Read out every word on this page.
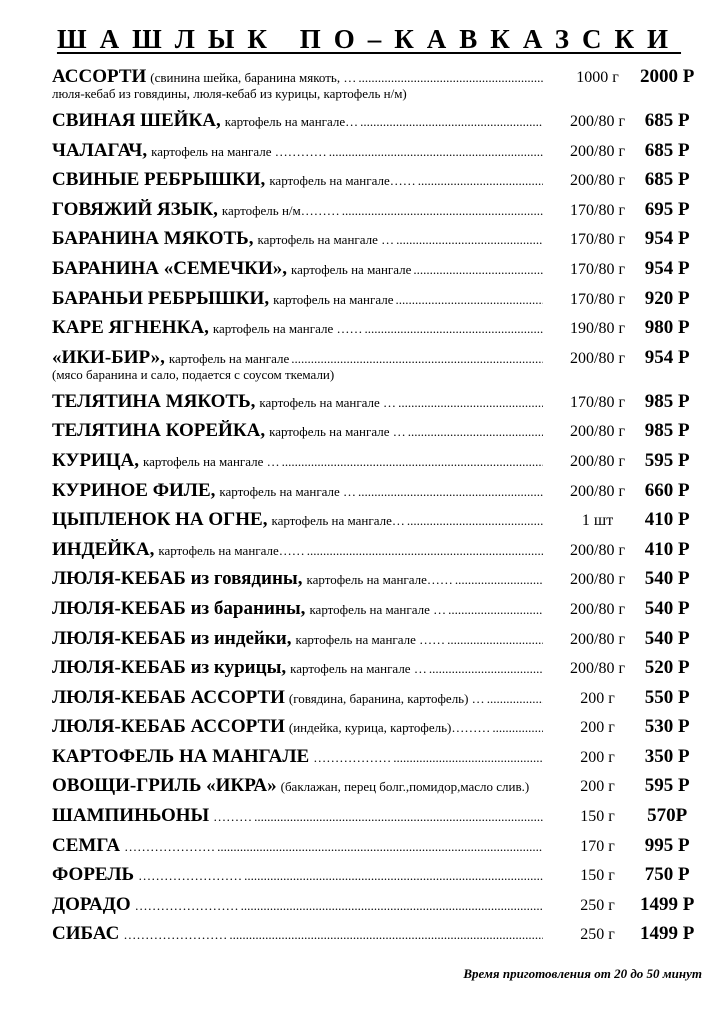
ШАШЛЫК ПО–КАВКАЗСКИ
АССОРТИ (свинина шейка, баранина мякоть, … .....	1000 г	2000 Р
люля-кебаб из говядины, люля-кебаб из курицы, картофель н/м)
СВИНАЯ ШЕЙКА, картофель на мангале… .....	200/80 г	685 Р
ЧАЛАГАЧ, картофель на мангале ………… .....	200/80 г	685 Р
СВИНЫЕ РЕБРЫШКИ, картофель на мангале…… .....	200/80 г	685 Р
ГОВЯЖИЙ ЯЗЫК, картофель н/м……… .....	170/80 г	695 Р
БАРАНИНА МЯКОТЬ, картофель на мангале … .....	170/80 г	954 Р
БАРАНИНА «СЕМЕЧКИ», картофель на мангале .....	170/80 г	954 Р
БАРАНЬИ РЕБРЫШКИ, картофель на мангале .....	170/80 г	920 Р
КАРЕ ЯГНЕНКА, картофель на мангале …… .....	190/80 г	980 Р
«ИКИ-БИР», картофель на мангале .....	200/80 г	954 Р
(мясо баранина и сало, подается с соусом ткемали)
ТЕЛЯТИНА МЯКОТЬ, картофель на мангале … .....	170/80 г	985 Р
ТЕЛЯТИНА КОРЕЙКА, картофель на мангале … .....	200/80 г	985 Р
КУРИЦА, картофель на мангале … .....	200/80 г	595 Р
КУРИНОЕ ФИЛЕ, картофель на мангале … .....	200/80 г	660 Р
ЦЫПЛЕНОК НА ОГНЕ, картофель на мангале… .....	1 шт	410 Р
ИНДЕЙКА, картофель на мангале…… .....	200/80 г	410 Р
ЛЮЛЯ-КЕБАБ из говядины, картофель на мангале…… .....	200/80 г	540 Р
ЛЮЛЯ-КЕБАБ из баранины, картофель на мангале … .....	200/80 г	540 Р
ЛЮЛЯ-КЕБАБ из индейки, картофель на мангале …… .....	200/80 г	540 Р
ЛЮЛЯ-КЕБАБ из курицы, картофель на мангале … .....	200/80 г	520 Р
ЛЮЛЯ-КЕБАБ АССОРТИ (говядина, баранина, картофель) … .....	200 г	550 Р
ЛЮЛЯ-КЕБАБ АССОРТИ (индейка, курица, картофель)……… .....	200 г	530 Р
КАРТОФЕЛЬ НА МАНГАЛЕ ……………… .....	200 г	350 Р
ОВОЩИ-ГРИЛЬ «ИКРА» (баклажан, перец болг.,помидор,масло слив.)	200 г	595 Р
ШАМПИНЬОНЫ ……… .....	150 г	570Р
СЕМГА ………………… .....	170 г	995 Р
ФОРЕЛЬ …………………… .....	150 г	750 Р
ДОРАДО …………………… .....	250 г	1499 Р
СИБАС …………………… .....	250 г	1499 Р
Время приготовления от 20 до 50 минут
